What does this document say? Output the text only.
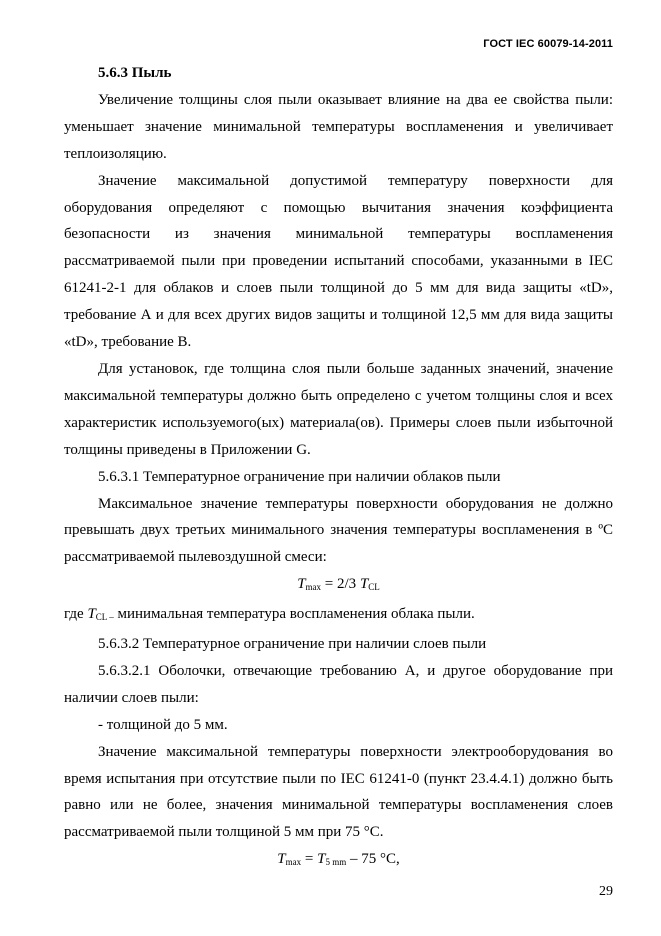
ГОСТ IEC 60079-14-2011

5.6.3 Пыль

Увеличение толщины слоя пыли оказывает влияние на два ее свойства пыли: уменьшает значение минимальной температуры воспламенения и увеличивает теплоизоляцию.

Значение максимальной допустимой температуру поверхности для оборудования определяют с помощью вычитания значения коэффициента безопасности из значения минимальной температуры воспламенения рассматриваемой пыли при проведении испытаний способами, указанными в IEC 61241-2-1 для облаков и слоев пыли толщиной до 5 мм для вида защиты «tD», требование А и для всех других видов защиты и толщиной 12,5 мм для вида защиты «tD», требование В.

Для установок, где толщина слоя пыли больше заданных значений, значение максимальной температуры должно быть определено с учетом толщины слоя и всех характеристик используемого(ых) материала(ов). Примеры слоев пыли избыточной толщины приведены в Приложении G.

5.6.3.1 Температурное ограничение при наличии облаков пыли

Максимальное значение температуры поверхности оборудования не должно превышать двух третьих минимального значения температуры воспламенения в ºС рассматриваемой пылевоздушной смеси:

$T_{max} = 2/3$ $T_{CL}$

где $T_{CL -}$ минимальная температура воспламенения облака пыли.

5.6.3.2 Температурное ограничение при наличии слоев пыли

5.6.3.2.1 Оболочки, отвечающие требованию А, и другое оборудование при наличии слоев пыли:

- толщиной до 5 мм.

Значение максимальной температуры поверхности электрооборудования во время испытания при отсутствие пыли по IEC 61241-0 (пункт 23.4.4.1) должно быть равно или не более, значения минимальной температуры воспламенения слоев рассматриваемой пыли толщиной 5 мм при 75 °С.

$T_{max} = T_{5 mm} - 75$ °С,

29
